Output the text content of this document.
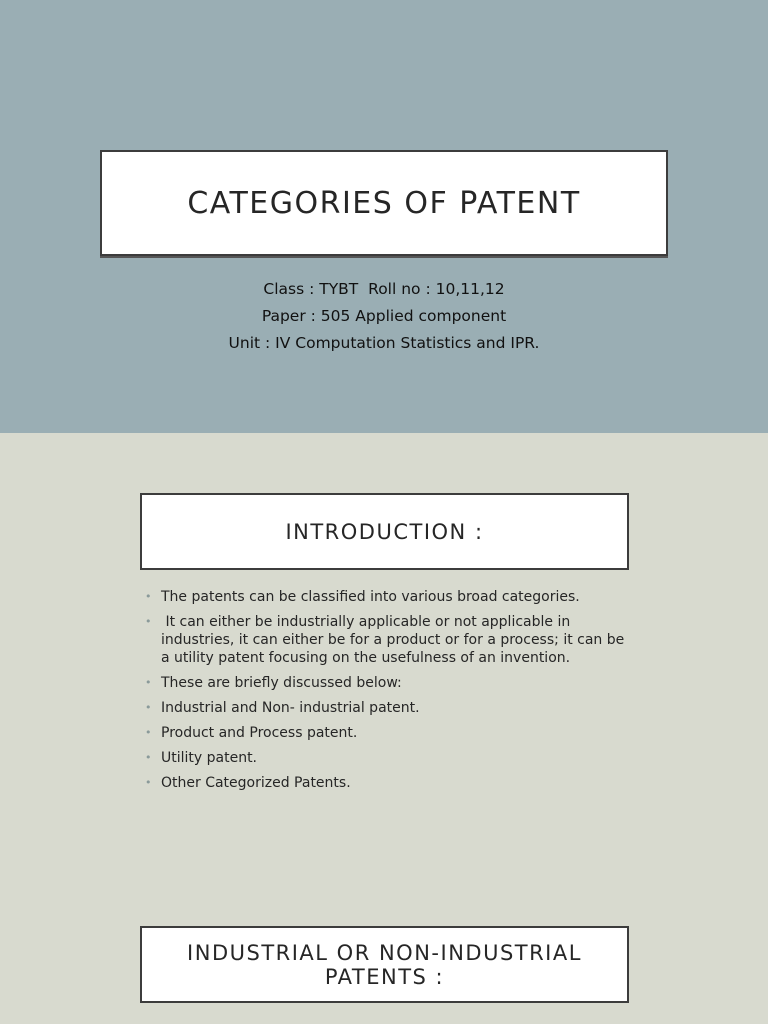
CATEGORIES OF PATENT
Class : TYBT  Roll no : 10,11,12
Paper : 505 Applied component
Unit : IV Computation Statistics and IPR.
INTRODUCTION :
• The patents can be classified into various broad categories.
• It can either be industrially applicable or not applicable in industries, it can either be for a product or for a process; it can be a utility patent focusing on the usefulness of an invention.
• These are briefly discussed below:
• Industrial and Non- industrial patent.
• Product and Process patent.
• Utility patent.
• Other Categorized Patents.
INDUSTRIAL OR NON-INDUSTRIAL
PATENTS :
